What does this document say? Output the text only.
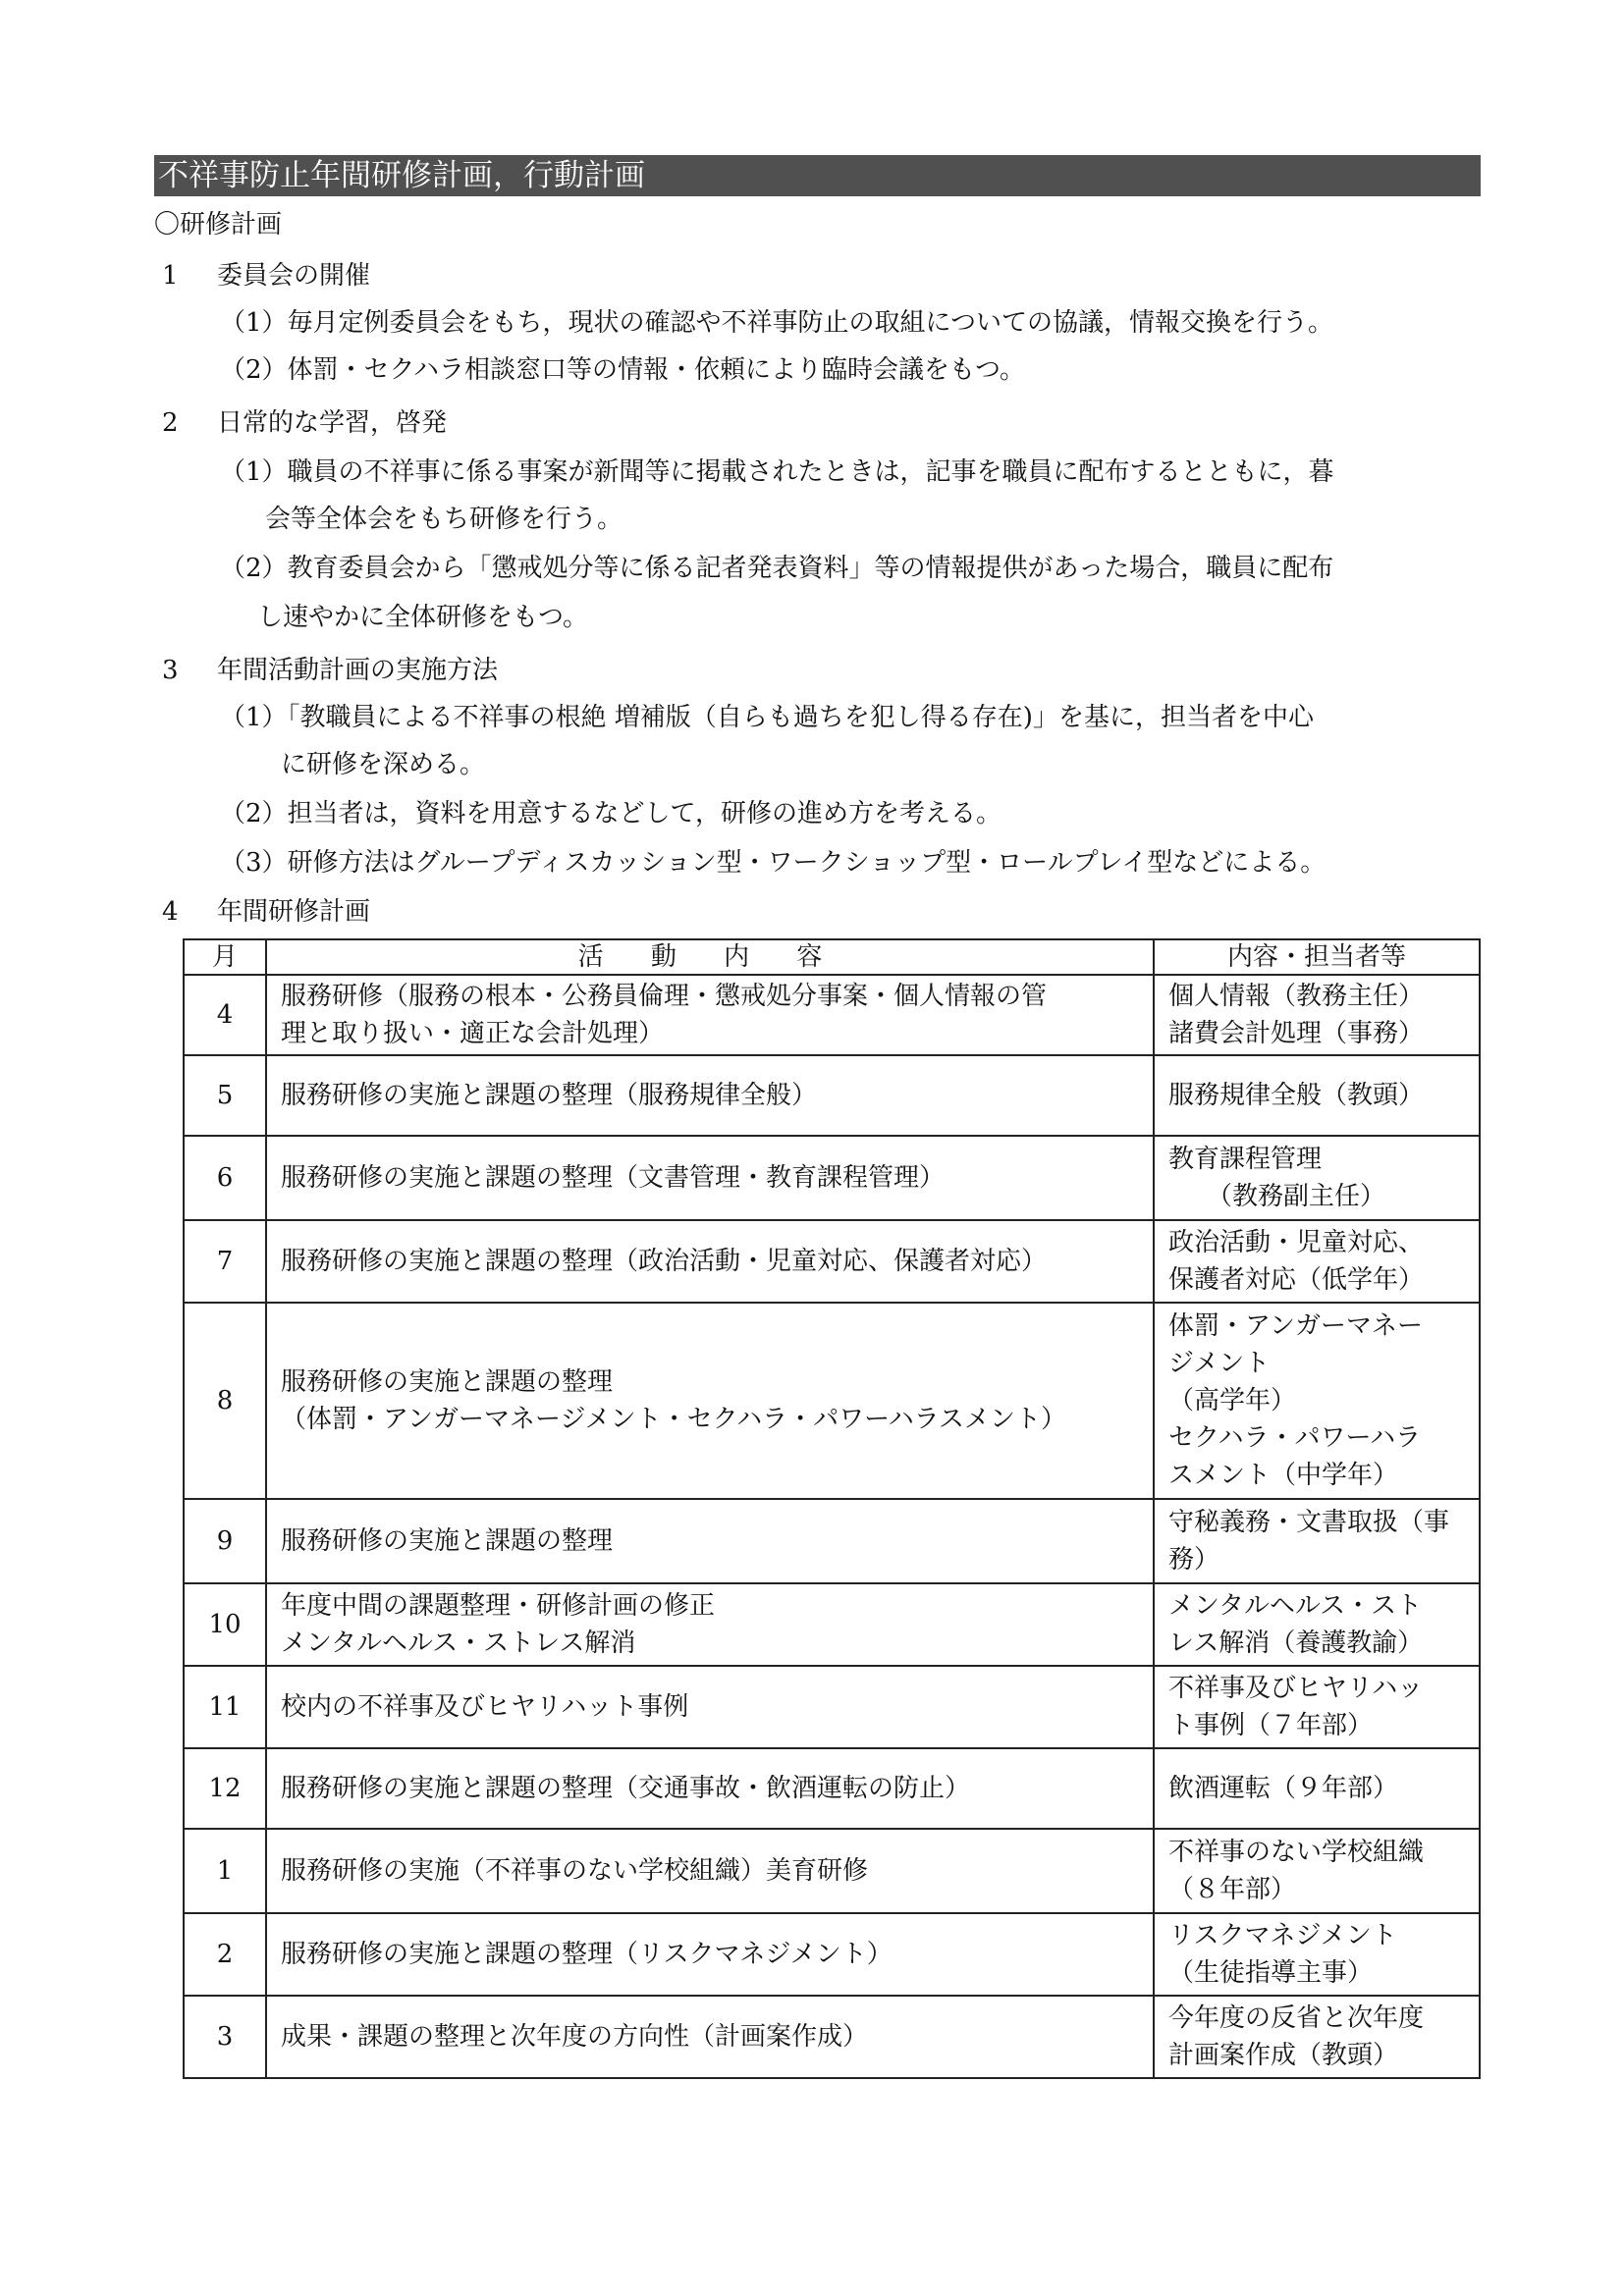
不祥事防止年間研修計画，行動計画
〇研修計画
1 委員会の開催
（1）毎月定例委員会をもち，現状の確認や不祥事防止の取組についての協議，情報交換を行う。
（2）体罰・セクハラ相談窓口等の情報・依頼により臨時会議をもつ。
2 日常的な学習，啓発
（1）職員の不祥事に係る事案が新聞等に掲載されたときは，記事を職員に配布するとともに，暮
会等全体会をもち研修を行う。
（2）教育委員会から「懲戒処分等に係る記者発表資料」等の情報提供があった場合，職員に配布
し速やかに全体研修をもつ。
3 年間活動計画の実施方法
（1）「教職員による不祥事の根絶 増補版（自らも過ちを犯し得る存在)」を基に，担当者を中心
に研修を深める。
（2）担当者は，資料を用意するなどして，研修の進め方を考える。
（3）研修方法はグループディスカッション型・ワークショップ型・ロールプレイ型などによる。
4 年間研修計画
月	活 動 内 容	内容・担当者等
4	服務研修（服務の根本・公務員倫理・懲戒処分事案・個人情報の管
理と取り扱い・適正な会計処理）	個人情報（教務主任）
諸費会計処理（事務）
5	服務研修の実施と課題の整理（服務規律全般）	服務規律全般（教頭）
6	服務研修の実施と課題の整理（文書管理・教育課程管理）	教育課程管理
　　（教務副主任）
7	服務研修の実施と課題の整理（政治活動・児童対応、保護者対応）	政治活動・児童対応、
保護者対応（低学年）
8	服務研修の実施と課題の整理
（体罰・アンガーマネージメント・セクハラ・パワーハラスメント）	体罰・アンガーマネー
ジメント
（高学年）
セクハラ・パワーハラ
スメント（中学年）
9	服務研修の実施と課題の整理	守秘義務・文書取扱（事
務）
10	年度中間の課題整理・研修計画の修正
メンタルヘルス・ストレス解消	メンタルヘルス・スト
レス解消（養護教諭）
11	校内の不祥事及びヒヤリハット事例	不祥事及びヒヤリハッ
ト事例（７年部）
12	服務研修の実施と課題の整理（交通事故・飲酒運転の防止）	飲酒運転（９年部）
1	服務研修の実施（不祥事のない学校組織）美育研修	不祥事のない学校組織
（８年部）
2	服務研修の実施と課題の整理（リスクマネジメント）	リスクマネジメント
（生徒指導主事）
3	成果・課題の整理と次年度の方向性（計画案作成）	今年度の反省と次年度
計画案作成（教頭）
